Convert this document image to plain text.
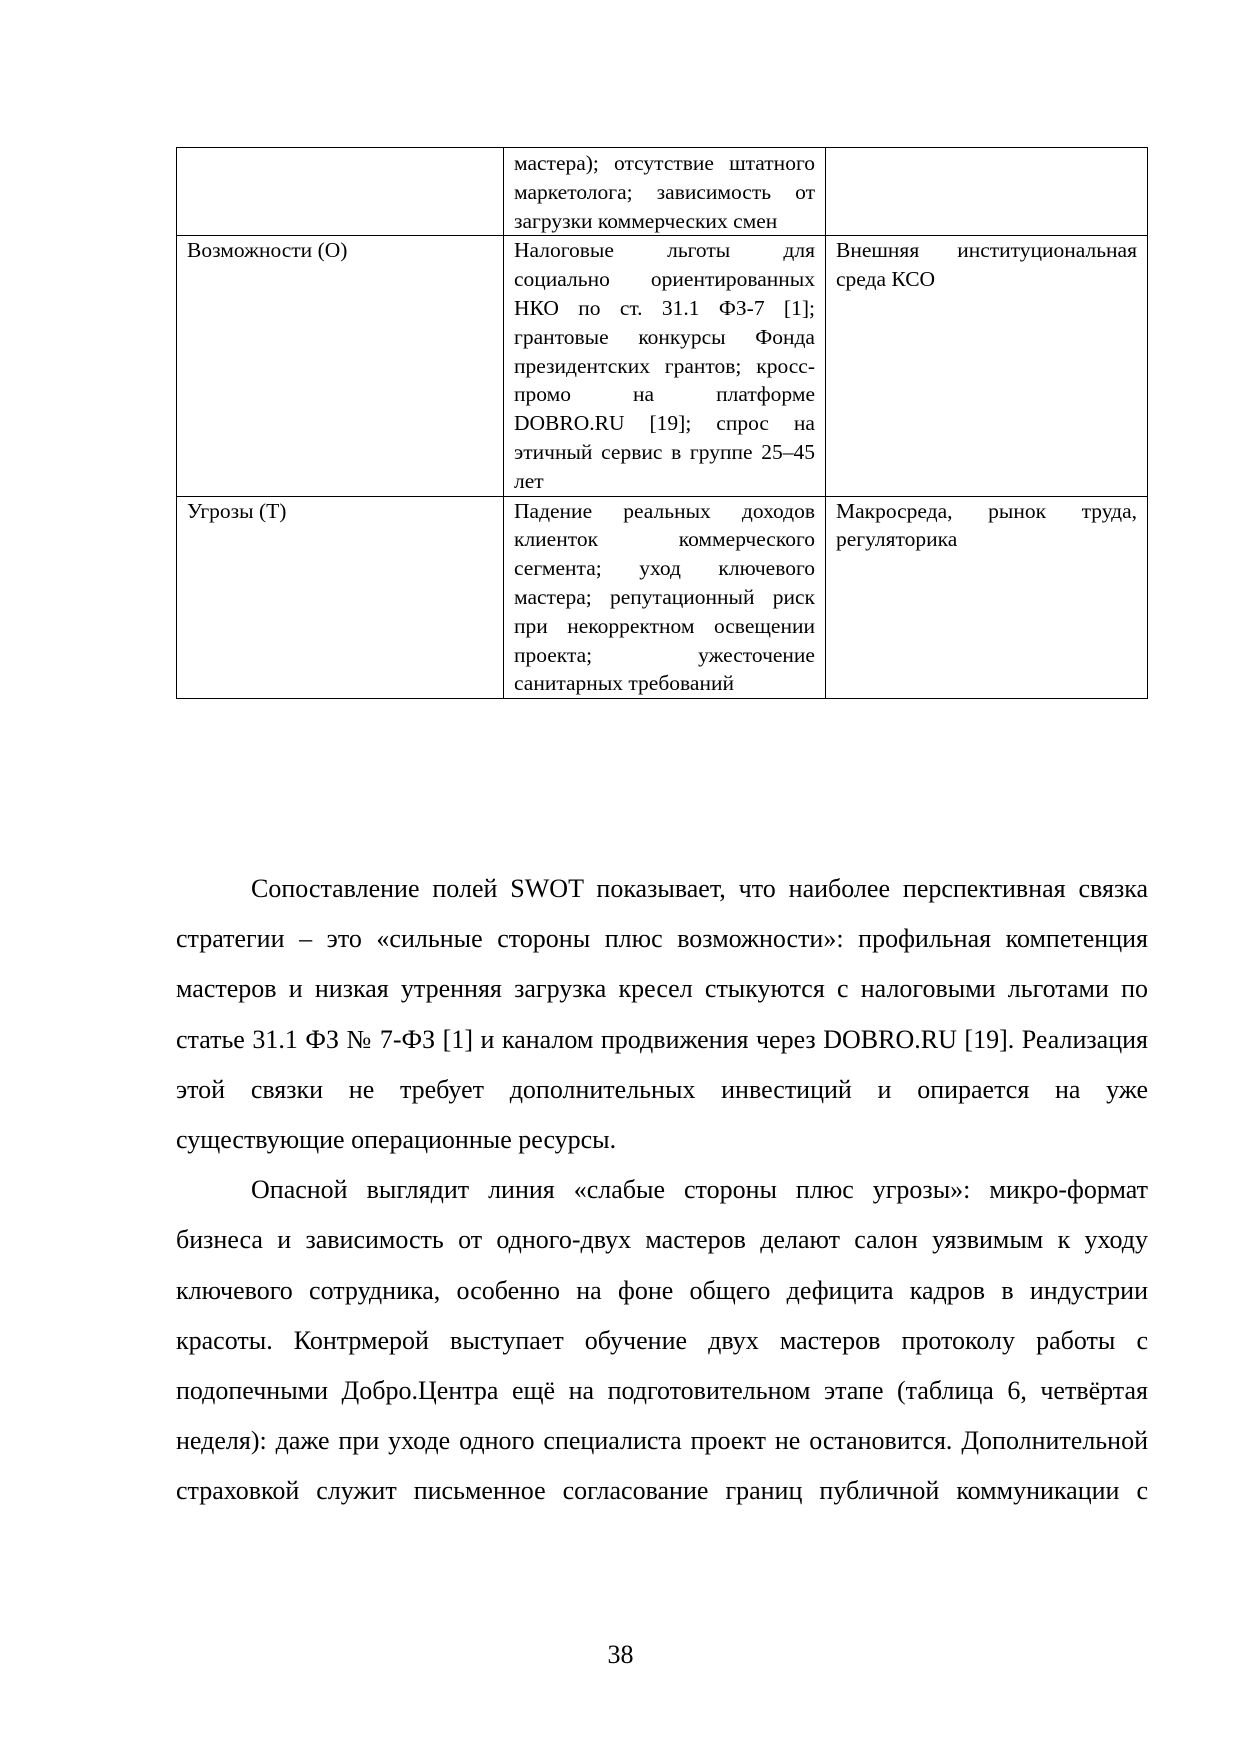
	мастера); отсутствие штатного маркетолога; зависимость от загрузки коммерческих смен	
Возможности (О)	Налоговые льготы для социально ориентированных НКО по ст. 31.1 ФЗ-7 [1]; грантовые конкурсы Фонда президентских грантов; кросс-промо на платформе DOBRO.RU [19]; спрос на этичный сервис в группе 25–45 лет	Внешняя институциональная среда КСО
Угрозы (Т)	Падение реальных доходов клиенток коммерческого сегмента; уход ключевого мастера; репутационный риск при некорректном освещении проекта; ужесточение санитарных требований	Макросреда, рынок труда, регуляторика

Сопоставление полей SWOT показывает, что наиболее перспективная связка стратегии – это «сильные стороны плюс возможности»: профильная компетенция мастеров и низкая утренняя загрузка кресел стыкуются с налоговыми льготами по статье 31.1 ФЗ № 7-ФЗ [1] и каналом продвижения через DOBRO.RU [19]. Реализация этой связки не требует дополнительных инвестиций и опирается на уже существующие операционные ресурсы.

Опасной выглядит линия «слабые стороны плюс угрозы»: микро-формат бизнеса и зависимость от одного-двух мастеров делают салон уязвимым к уходу ключевого сотрудника, особенно на фоне общего дефицита кадров в индустрии красоты. Контрмерой выступает обучение двух мастеров протоколу работы с подопечными Добро.Центра ещё на подготовительном этапе (таблица 6, четвёртая неделя): даже при уходе одного специалиста проект не остановится. Дополнительной страховкой служит письменное согласование границ публичной коммуникации с

38
